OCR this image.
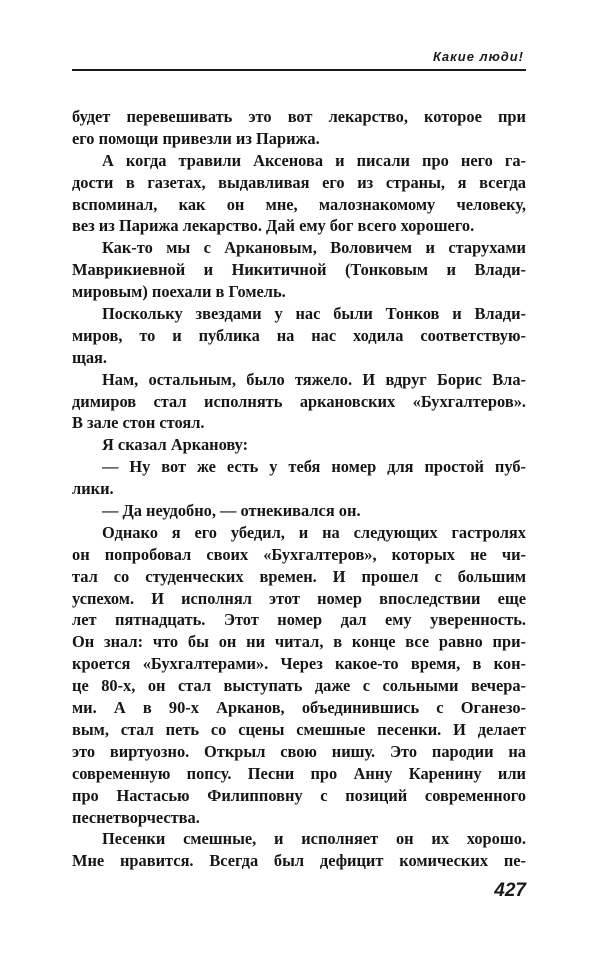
Какие люди!
будет перевешивать это вот лекарство, которое при
его помощи привезли из Парижа.
А когда травили Аксенова и писали про него га-
дости в газетах, выдавливая его из страны, я всегда
вспоминал, как он мне, малознакомому человеку,
вез из Парижа лекарство. Дай ему бог всего хорошего.
Как-то мы с Аркановым, Воловичем и старухами
Маврикиевной и Никитичной (Тонковым и Влади-
мировым) поехали в Гомель.
Поскольку звездами у нас были Тонков и Влади-
миров, то и публика на нас ходила соответствую-
щая.
Нам, остальным, было тяжело. И вдруг Борис Вла-
димиров стал исполнять аркановских «Бухгалтеров».
В зале стон стоял.
Я сказал Арканову:
— Ну вот же есть у тебя номер для простой пуб-
лики.
— Да неудобно, — отнекивался он.
Однако я его убедил, и на следующих гастролях
он попробовал своих «Бухгалтеров», которых не чи-
тал со студенческих времен. И прошел с большим
успехом. И исполнял этот номер впоследствии еще
лет пятнадцать. Этот номер дал ему уверенность.
Он знал: что бы он ни читал, в конце все равно при-
кроется «Бухгалтерами». Через какое-то время, в кон-
це 80-х, он стал выступать даже с сольными вечера-
ми. А в 90-х Арканов, объединившись с Оганезо-
вым, стал петь со сцены смешные песенки. И делает
это виртуозно. Открыл свою нишу. Это пародии на
современную попсу. Песни про Анну Каренину или
про Настасью Филипповну с позиций современного
песнетворчества.
Песенки смешные, и исполняет он их хорошо.
Мне нравится. Всегда был дефицит комических пе-
427
